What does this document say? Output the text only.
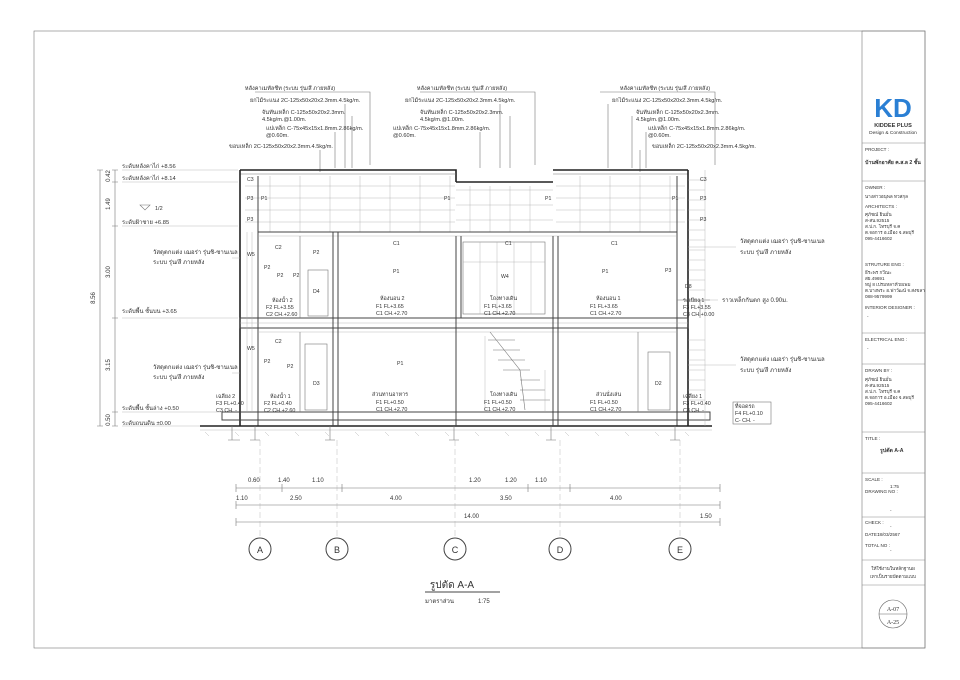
หลังคาเมทัลชีท (ระบบ รุ่น/สี ภายหลัง)
ยกไม้ระแนง 2C-125x50x20x2.3mm.4.5kg/m.
จันทันเหล็ก C-125x50x20x2.3mm.
4.5kg/m.@1.00m.
แปเหล็ก C-75x45x15x1.8mm.2.86kg/m.
@0.60m.
ขอบเหล็ก 2C-125x50x20x2.3mm.4.5kg/m.
หลังคาเมทัลชีท (ระบบ รุ่น/สี ภายหลัง)
ยกไม้ระแนง 2C-125x50x20x2.3mm.4.5kg/m.
จันทันเหล็ก C-125x50x20x2.3mm.
4.5kg/m.@1.00m.
แปเหล็ก C-75x45x15x1.8mm.2.86kg/m.
@0.60m.
หลังคาเมทัลชีท (ระบบ รุ่น/สี ภายหลัง)
ยกไม้ระแนง 2C-125x50x20x2.3mm.4.5kg/m.
จันทันเหล็ก C-125x50x20x2.3mm.
4.5kg/m.@1.00m.
แปเหล็ก C-75x45x15x1.8mm.2.86kg/m.
@0.60m.
ขอบเหล็ก 2C-125x50x20x2.3mm.4.5kg/m.
ระดับหลังคาไก่ +8.56
ระดับหลังคาไก่ +8.14
ระดับฝ้าชาย +6.85
ระดับพื้น ชั้นบน +3.65
ระดับพื้น ชั้นล่าง +0.50
ระดับถนนดิน ±0.00
1/2
0.42
1.49
3.00
3.15
0.50
8.56
C3
P3 P1	P1
C3
P3
P1
P1
P3	P3
C1	C1	C1
C2
C2
P1	P1
P1
P2
P2 P2
P2
P2
P2
P3
W5
W5
W4
D4
D3	D2
D8
ห้องน้ำ 2
F2 FL+3.55
C2 CH.+2.60
ห้องนอน 2
F1 FL+3.65
C1 CH.+2.70
โถงทางเดิน
F1 FL+3.65
C1 CH.+2.70
ห้องนอน 1
F1 FL+3.65
C1 CH.+2.70
ระเบียง 1
F3 FL+3.55
C3 CH.+0.00
เฉลียง 2
F3 FL+0.40
C3 CH. -
ห้องน้ำ 1
F2 FL+0.40
C2 CH.+2.60
ส่วนทานอาหาร
F1 FL+0.50
C1 CH.+2.70
โถงทางเดิน
F1 FL+0.50
C1 CH.+2.70
ส่วนนั่งเล่น
F1 FL+0.50
C1 CH.+2.70
เฉลียง 1
F3 FL+0.40
C3 CH. -
ที่จอดรถ
F4 FL+0.10
C- CH. -
วัสดุตกแต่ง เฌอร่า รุ่นชิ-ซานเนล
ระบบ รุ่น/สี ภายหลัง
วัสดุตกแต่ง เฌอร่า รุ่นชิ-ซานเนล
ระบบ รุ่น/สี ภายหลัง
วัสดุตกแต่ง เฌอร่า รุ่นชิ-ซานเนล
ระบบ รุ่น/สี ภายหลัง
วัสดุตกแต่ง เฌอร่า รุ่นชิ-ซานเนล
ระบบ รุ่น/สี ภายหลัง
ราวเหล็กกันตก สูง 0.90ม.
0.60	1.40	1.10	1.20	1.20	1.10
1.10	2.50	4.00	3.50	4.00
1.50
14.00
A	B	C	D	E
รูปตัด A-A
มาตราส่วน	1:75
KD
KIDDEE PLUS
Design & Construction
PROJECT :
บ้านพักอาศัย ค.ส.ล 2 ชั้น
OWNER :
นางสาวอนุพล ทวสกุล
ARCHITECTS :
ศุภัชณ์ ยินมั่น
ส-สน.92515
ส.ป.ก. โทรบุรี จ.ค
ต.จอการ อ.เมือง จ.ลพบุรี
095-4416602
STRUTURE ENG :
ธีระพร กวีณะ
สย.49691
หมู่ 8 เปรมหลาห้วยเพม
ต.บางพระ อ.ฟาวัฒน์ จ.สงขลา
088-9579999
INTERIOR DESIGNER :
-
ELECTRICAL ENG :
-
DRAWN BY :
ศุภัชณ์ ยินมั่น
ส-สน.92515
ส.ป.ก. โทรบุรี จ.ค
ต.จอการ อ.เมือง จ.ลพบุรี
095-4416602
TITLE :
รูปตัด A-A
SCALE :
1:75
DRAWING NO :
-
CHECK :
-
DATE :
18/03/2567
TOTAL NO :
-
ให้ใช้งานในหลักฐานผ
เทาเป็นรายบัดตามแบบ
A-07
A-25
